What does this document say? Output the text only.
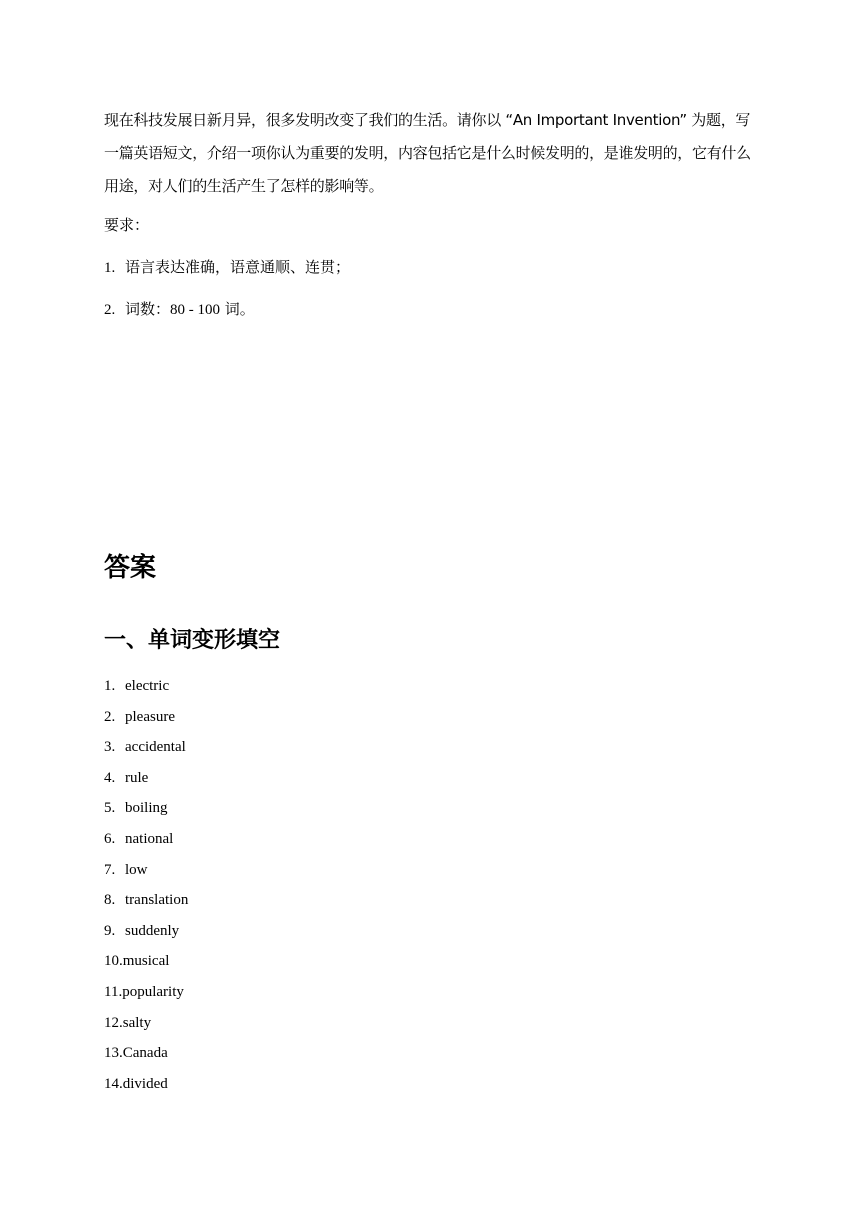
现在科技发展日新月异，很多发明改变了我们的生活。请你以 “An Important Invention” 为题，写一篇英语短文，介绍一项你认为重要的发明，内容包括它是什么时候发明的，是谁发明的，它有什么用途，对人们的生活产生了怎样的影响等。

要求：

1. 语言表达准确，语意通顺、连贯；

2. 词数：80 - 100 词。

答案
一、单词变形填空
1. electric
2. pleasure
3. accidental
4. rule
5. boiling
6. national
7. low
8. translation
9. suddenly
10.musical
11.popularity
12.salty
13.Canada
14.divided
